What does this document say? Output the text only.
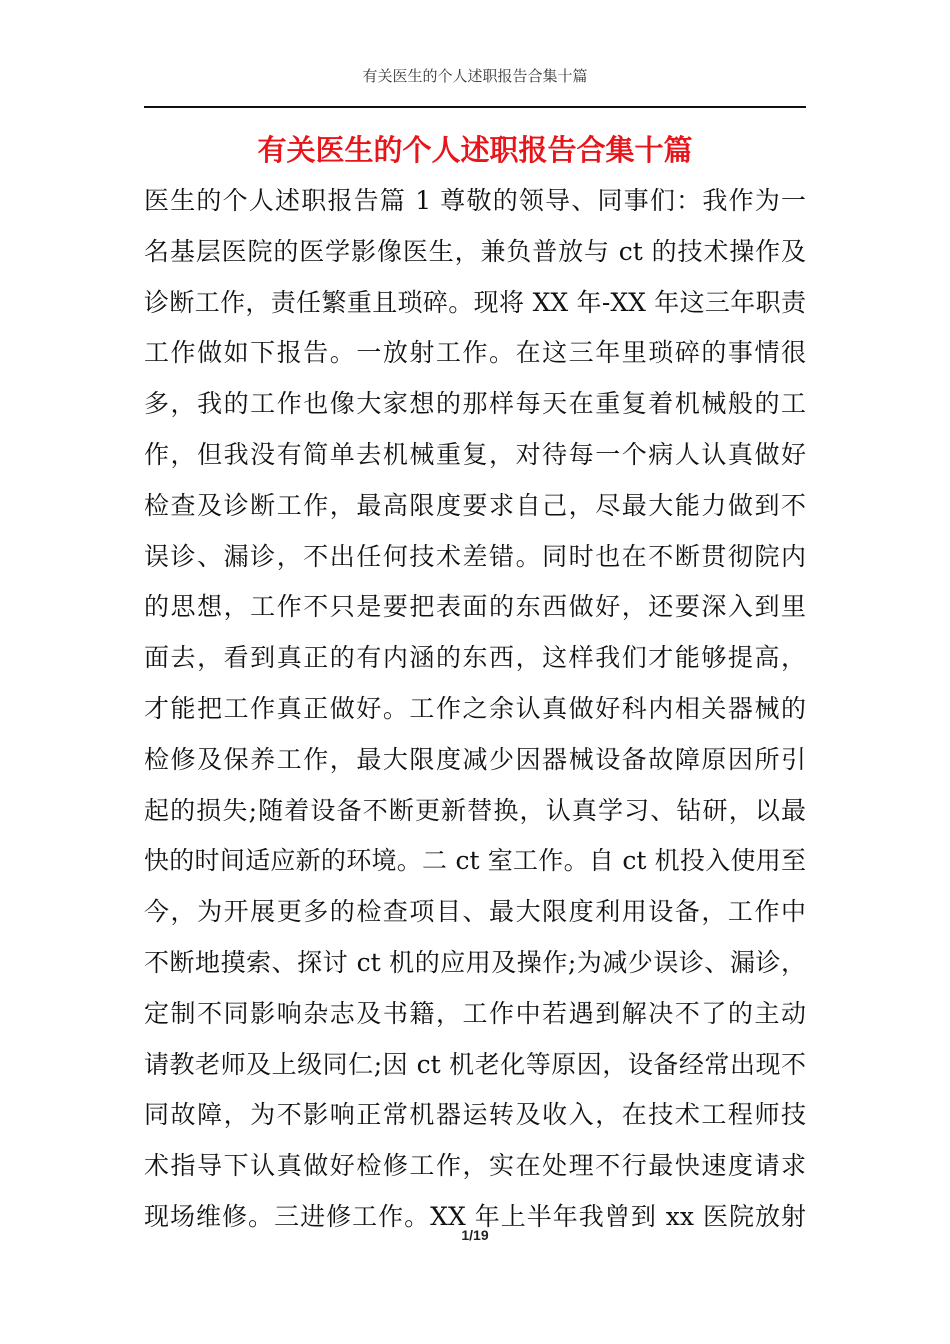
有关医生的个人述职报告合集十篇
有关医生的个人述职报告合集十篇
医生的个人述职报告篇 1 尊敬的领导、同事们：我作为一
名基层医院的医学影像医生，兼负普放与 ct 的技术操作及
诊断工作，责任繁重且琐碎。现将 XX 年-XX 年这三年职责
工作做如下报告。一放射工作。在这三年里琐碎的事情很
多，我的工作也像大家想的那样每天在重复着机械般的工
作，但我没有简单去机械重复，对待每一个病人认真做好
检查及诊断工作，最高限度要求自己，尽最大能力做到不
误诊、漏诊，不出任何技术差错。同时也在不断贯彻院内
的思想，工作不只是要把表面的东西做好，还要深入到里
面去，看到真正的有内涵的东西，这样我们才能够提高，
才能把工作真正做好。工作之余认真做好科内相关器械的
检修及保养工作，最大限度减少因器械设备故障原因所引
起的损失;随着设备不断更新替换，认真学习、钻研，以最
快的时间适应新的环境。二 ct 室工作。自 ct 机投入使用至
今，为开展更多的检查项目、最大限度利用设备，工作中
不断地摸索、探讨 ct 机的应用及操作;为减少误诊、漏诊，
定制不同影响杂志及书籍，工作中若遇到解决不了的主动
请教老师及上级同仁;因 ct 机老化等原因，设备经常出现不
同故障，为不影响正常机器运转及收入，在技术工程师技
术指导下认真做好检修工作，实在处理不行最快速度请求
现场维修。三进修工作。XX 年上半年我曾到 xx 医院放射
1/19
